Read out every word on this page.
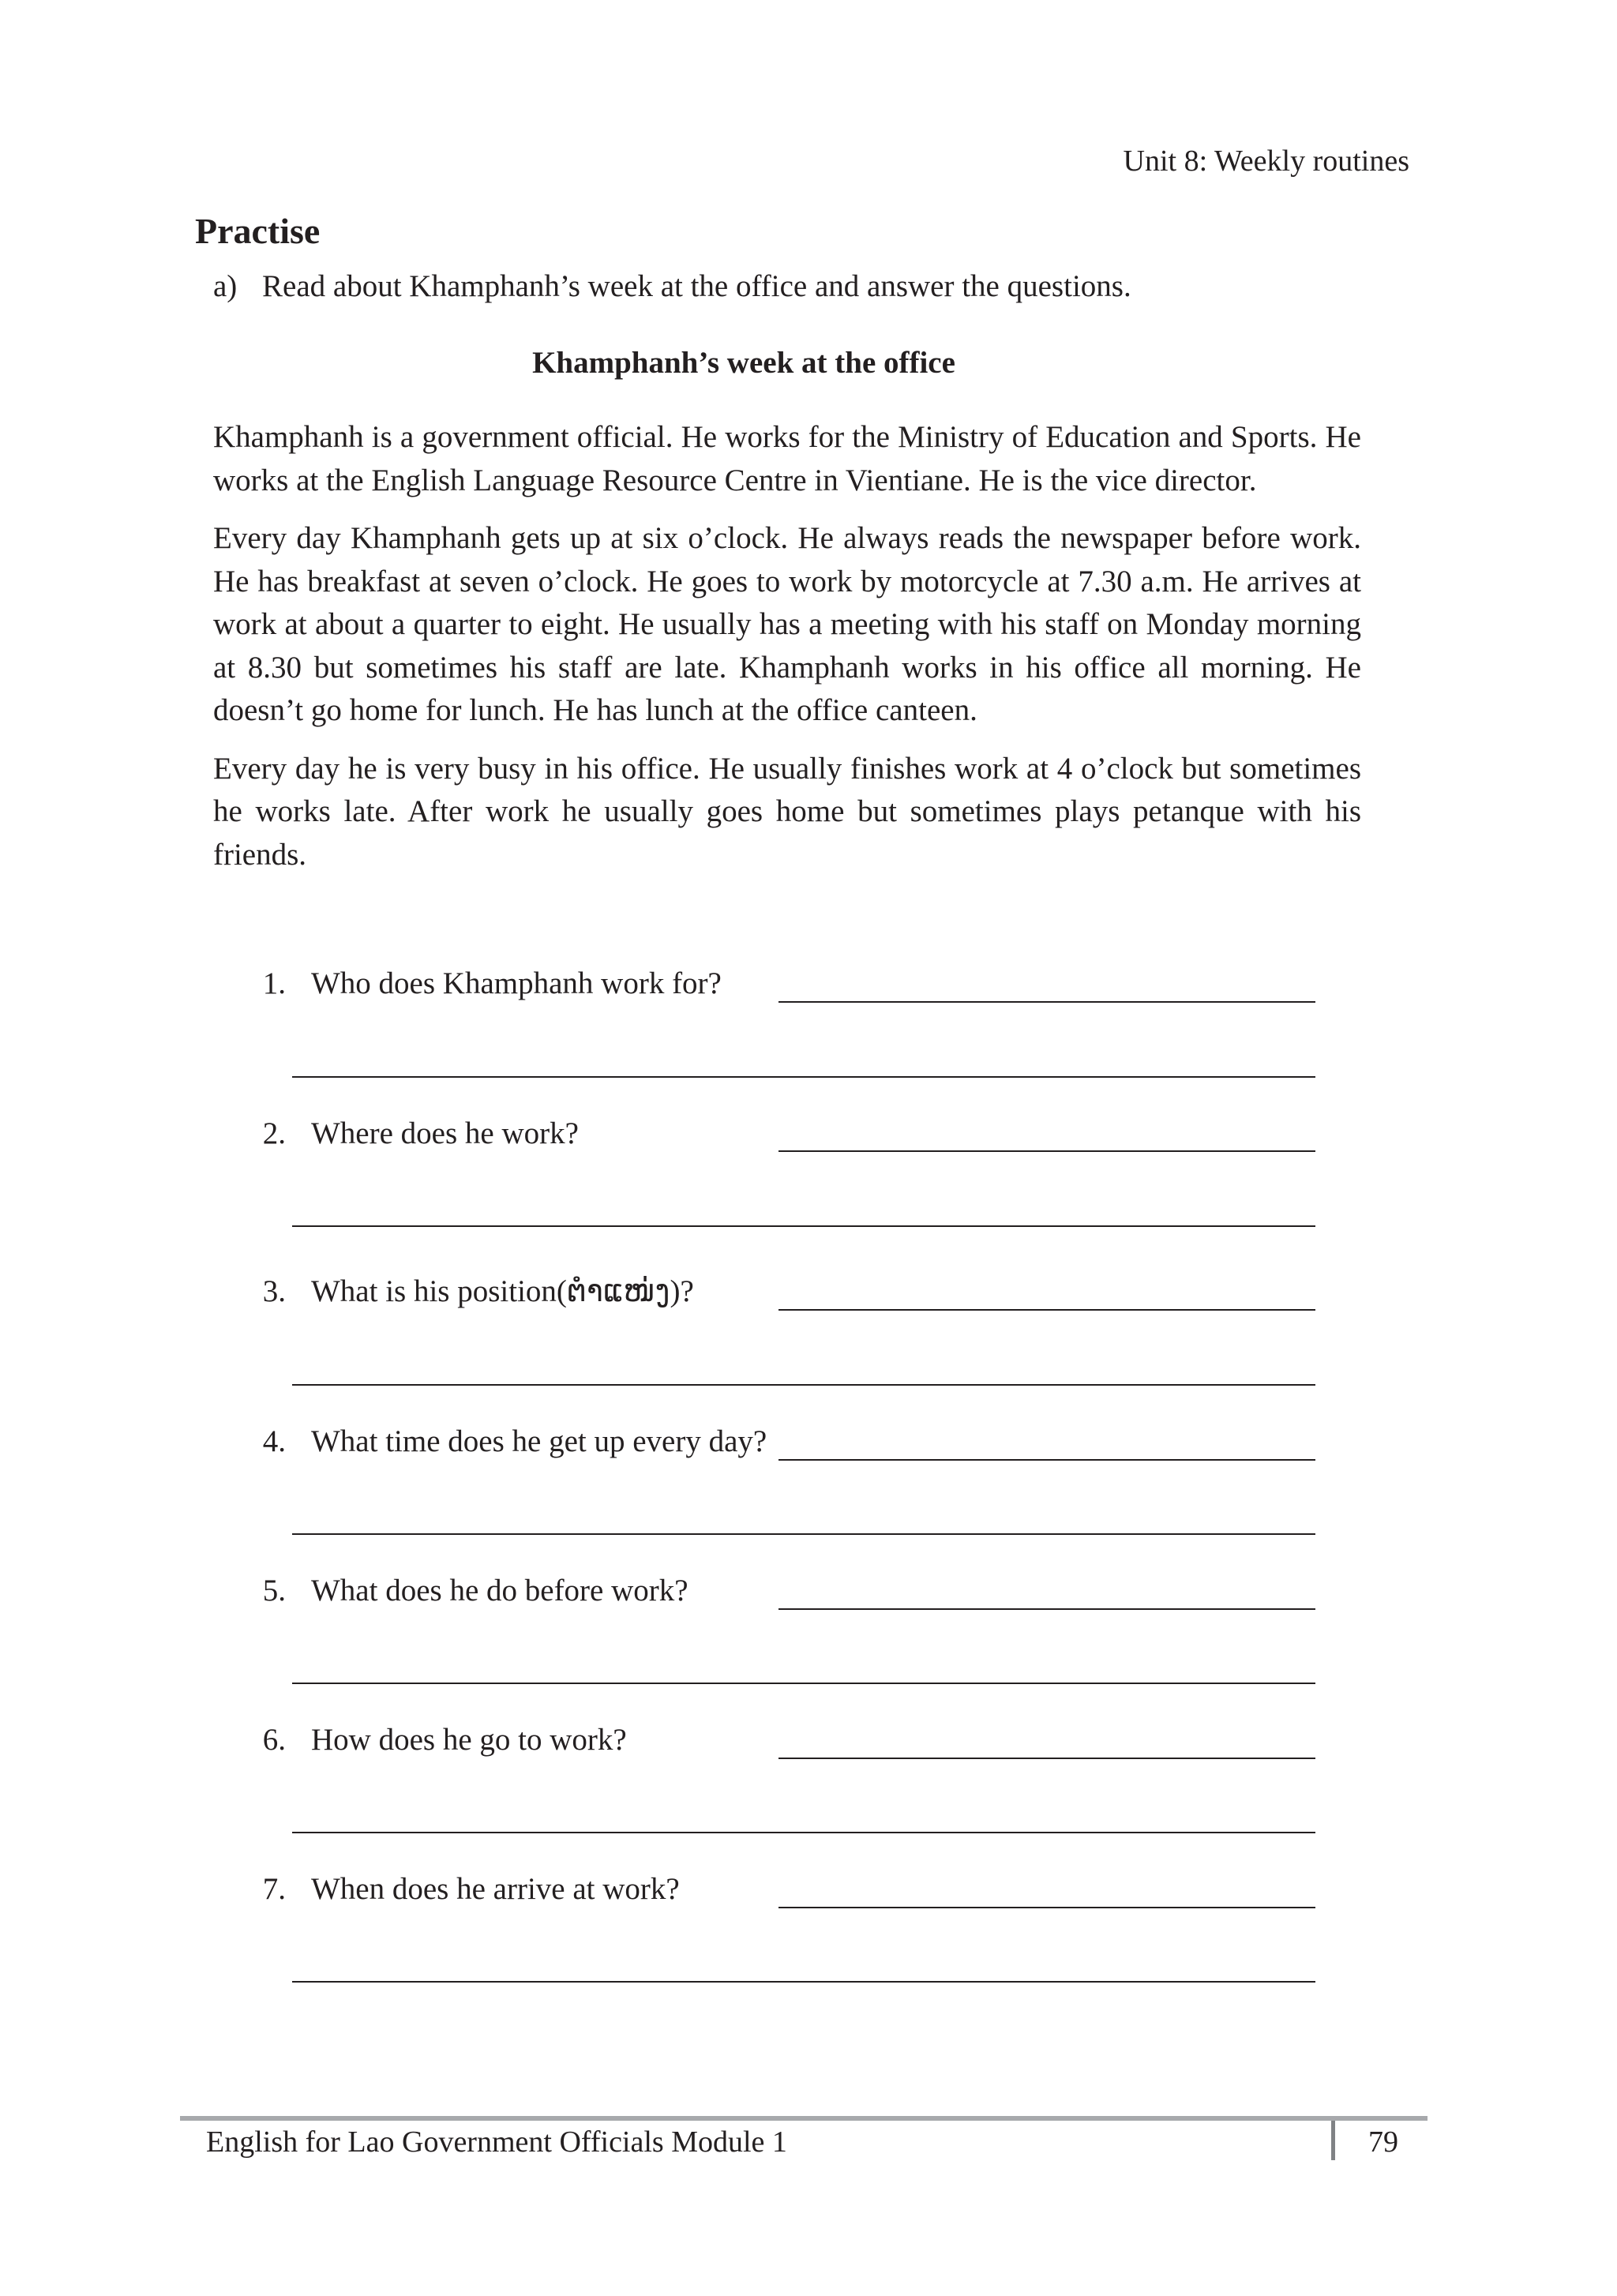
Unit 8: Weekly routines
Practise
a) Read about Khamphanh’s week at the office and answer the questions.
Khamphanh’s week at the office

Khamphanh is a government official. He works for the Ministry of Education and Sports. He works at the English Language Resource Centre in Vientiane. He is the vice director.

Every day Khamphanh gets up at six o’clock. He always reads the newspaper before work. He has breakfast at seven o’clock. He goes to work by motorcycle at 7.30 a.m. He arrives at work at about a quarter to eight. He usually has a meeting with his staff on Monday morning at 8.30 but sometimes his staff are late. Khamphanh works in his office all morning. He doesn’t go home for lunch. He has lunch at the office canteen.

Every day he is very busy in his office. He usually finishes work at 4 o’clock but sometimes he works late. After work he usually goes home but sometimes plays petanque with his friends.

1. Who does Khamphanh work for?
2. Where does he work?
3. What is his position(ຕຳແໜ່ງ)?
4. What time does he get up every day?
5. What does he do before work?
6. How does he go to work?
7. When does he arrive at work?
English for Lao Government Officials Module 1	79
